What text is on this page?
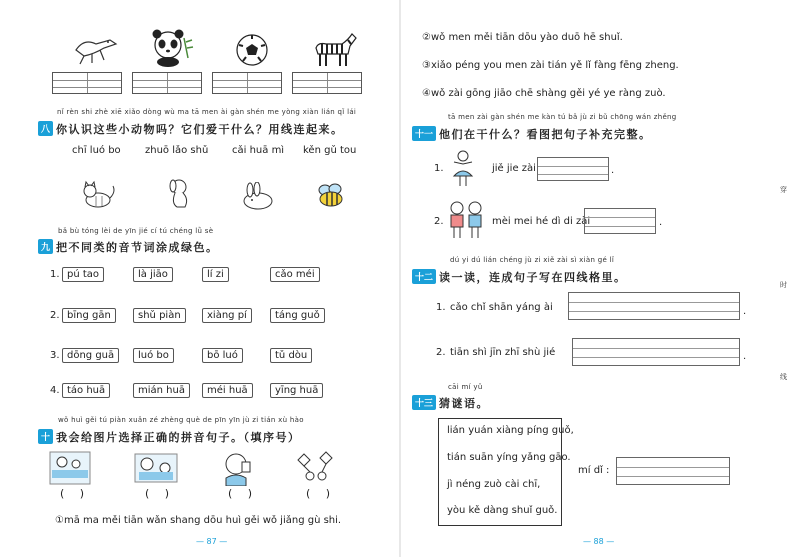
nǐ rèn shi zhè xiē xiǎo dòng wù ma tā men ài gàn shén me yòng xiàn lián qǐ lái
八 你认识这些小动物吗？它们爱干什么？用线连起来。
chī luó bo zhuō lǎo shǔ cǎi huā mì kěn gǔ tou
bǎ bù tóng lèi de yīn jié cí tú chéng lǜ sè
九 把不同类的音节词涂成绿色。
1. pú tao	là jiāo	lí zi	cǎo méi
2. bīng gān	shǔ piàn	xiàng pí	táng guǒ
3. dōng guā	luó bo	bō luó	tǔ dòu
4. táo huā	mián huā	méi huā	yīng huā
wǒ huì gěi tú piàn xuǎn zé zhèng què de pīn yīn jù zi tián xù hào
十 我会给图片选择正确的拼音句子。（填序号）
( )	( )	( )	( )
①mā ma měi tiān wǎn shang dōu huì gěi wǒ jiǎng gù shi.
— 87 —
②wǒ men měi tiān dōu yào duō hē shuǐ.
③xiǎo péng you men zài tián yě lǐ fàng fēng zheng.
④wǒ zài gōng jiāo chē shàng gěi yé ye ràng zuò.
tā men zài gàn shén me kàn tú bǎ jù zi bǔ chōng wán zhěng
十一 他们在干什么？看图把句子补充完整。
1.	jiě jie zài	.
2.	mèi mei hé dì di zài	.
dú yi dú lián chéng jù zi xiě zài sì xiàn gé lǐ
十二 读一读，连成句子写在四线格里。
1. cǎo chǐ shān yáng ài	.
2. tiān shì jīn zhī shù jié	.
cāi mí yǔ
十三 猜谜语。
lián yuán xiàng píng guǒ,
tián suān yíng yǎng gāo.
jì néng zuò cài chī,
yòu kě dàng shuǐ guǒ.
mí dǐ :
穿
时
线
— 88 —
